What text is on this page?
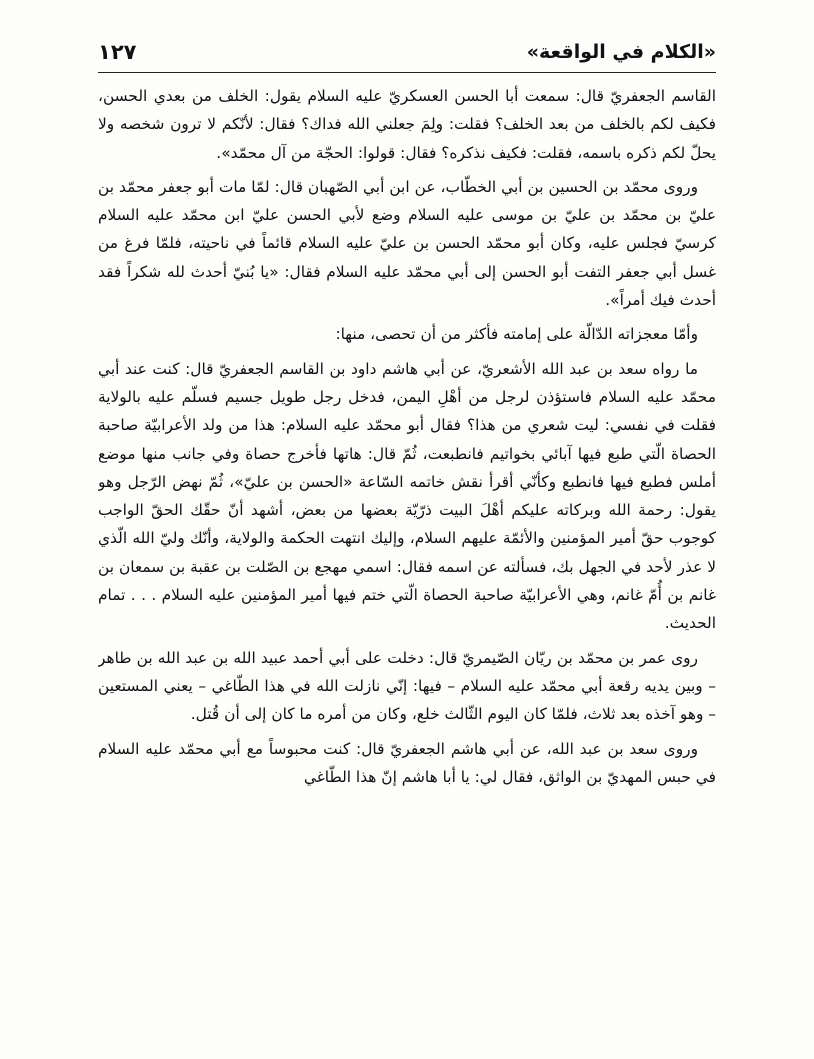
١٢٧	«الكلام في الواقعة»

القاسم الجعفريّ قال: سمعت أبا الحسن العسكريّ عليه السلام يقول: الخلف من بعدي الحسن، فكيف لكم بالخلف من بعد الخلف؟ فقلت: ولِمَ جعلني الله فداك؟ فقال: لأنّكم لا ترون شخصه ولا يحلّ لكم ذكره باسمه، فقلت: فكيف نذكره؟ فقال: قولوا: الحجّة من آل محمّد».

وروى محمّد بن الحسين بن أبي الخطّاب، عن ابن أبي الصّهبان قال: لمّا مات أبو جعفر محمّد بن عليّ بن محمّد بن عليّ بن موسى عليه السلام وضع لأبي الحسن عليّ ابن محمّد عليه السلام كرسيّ فجلس عليه، وكان أبو محمّد الحسن بن عليّ عليه السلام قائماً في ناحيته، فلمّا فرغ من غسل أبي جعفر التفت أبو الحسن إلى أبي محمّد عليه السلام فقال: «يا بُنيّ أحدث لله شكراً فقد أحدث فيك أمراً».

وأمّا معجزاته الدّالّة على إمامته فأكثر من أن تحصى، منها:

ما رواه سعد بن عبد الله الأشعريّ، عن أبي هاشم داود بن القاسم الجعفريّ قال: كنت عند أبي محمّد عليه السلام فاستؤذن لرجل من أهْلِ اليمن، فدخل رجل طويل جسيم فسلّم عليه بالولاية فقلت في نفسي: ليت شعري من هذا؟ فقال أبو محمّد عليه السلام: هذا من ولد الأعرابيّة صاحبة الحصاة الّتي طبع فيها آبائي بخواتيم فانطبعت، ثُمّ قال: هاتها فأخرج حصاة وفي جانب منها موضع أملس فطبع فيها فانطبع وكأنّي أقرأ نقش خاتمه السّاعة «الحسن بن عليّ»، ثُمّ نهض الرّجل وهو يقول: رحمة الله وبركاته عليكم أهْلَ البيت ذرّيّة بعضها من بعض، أشهد أنّ حقّك الحقّ الواجب كوجوب حقّ أمير المؤمنين والأئمّة عليهم السلام، وإليك انتهت الحكمة والولاية، وأنّك وليّ الله الّذي لا عذر لأحد في الجهل بك، فسألته عن اسمه فقال: اسمي مهجع بن الصّلت بن عقبة بن سمعان بن غانم بن أُمّ غانم، وهي الأعرابيّة صاحبة الحصاة الّتي ختم فيها أمير المؤمنين عليه السلام . . . تمام الحديث.

روى عمر بن محمّد بن ريّان الصّيمريّ قال: دخلت على أبي أحمد عبيد الله بن عبد الله بن طاهر – وبين يديه رقعة أبي محمّد عليه السلام – فيها: إنّي نازلت الله في هذا الطّاغي – يعني المستعين – وهو آخذه بعد ثلاث، فلمّا كان اليوم الثّالث خلع، وكان من أمره ما كان إلى أن قُتل.

وروى سعد بن عبد الله، عن أبي هاشم الجعفريّ قال: كنت محبوساً مع أبي محمّد عليه السلام في حبس المهديّ بن الواثق، فقال لي: يا أبا هاشم إنّ هذا الطّاغي
